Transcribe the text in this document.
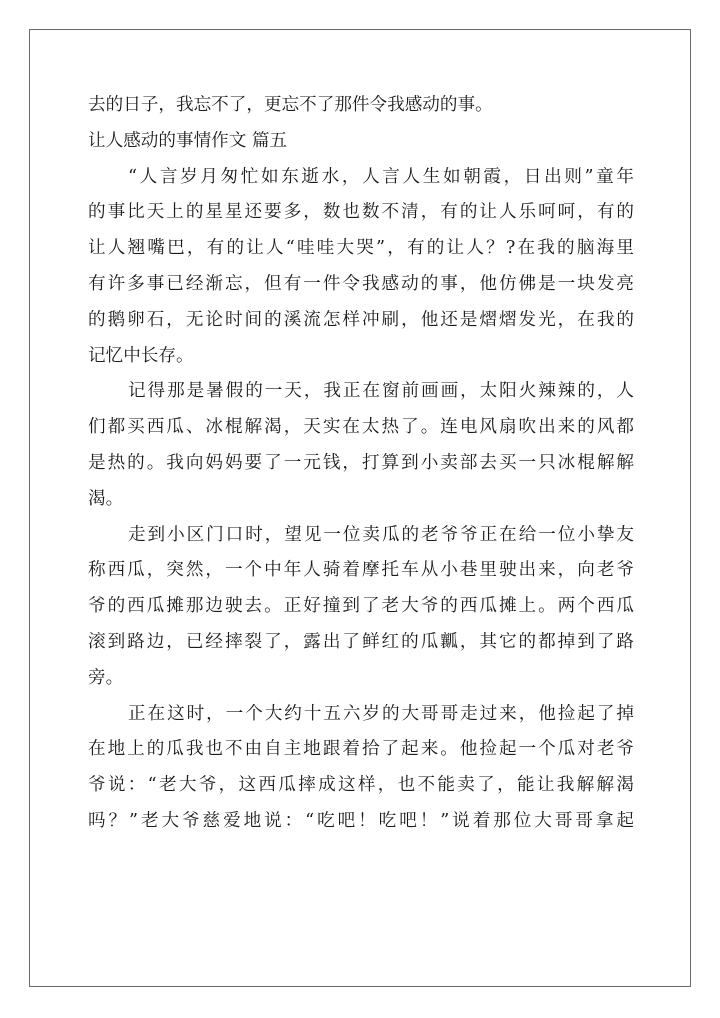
去的日子，我忘不了，更忘不了那件令我感动的事。
让人感动的事情作文 篇五
“人言岁月匆忙如东逝水，人言人生如朝霞，日出则”童年
的事比天上的星星还要多，数也数不清，有的让人乐呵呵，有的
让人翘嘴巴，有的让人“哇哇大哭”，有的让人？?在我的脑海里
有许多事已经渐忘，但有一件令我感动的事，他仿佛是一块发亮
的鹅卵石，无论时间的溪流怎样冲刷，他还是熠熠发光，在我的
记忆中长存。
记得那是暑假的一天，我正在窗前画画，太阳火辣辣的，人
们都买西瓜、冰棍解渴，天实在太热了。连电风扇吹出来的风都
是热的。我向妈妈要了一元钱，打算到小卖部去买一只冰棍解解
渴。
走到小区门口时，望见一位卖瓜的老爷爷正在给一位小挚友
称西瓜，突然，一个中年人骑着摩托车从小巷里驶出来，向老爷
爷的西瓜摊那边驶去。正好撞到了老大爷的西瓜摊上。两个西瓜
滚到路边，已经摔裂了，露出了鲜红的瓜瓤，其它的都掉到了路
旁。
正在这时，一个大约十五六岁的大哥哥走过来，他捡起了掉
在地上的瓜我也不由自主地跟着拾了起来。他捡起一个瓜对老爷
爷说：“老大爷，这西瓜摔成这样，也不能卖了，能让我解解渴
吗？”老大爷慈爱地说：“吃吧！吃吧！”说着那位大哥哥拿起
